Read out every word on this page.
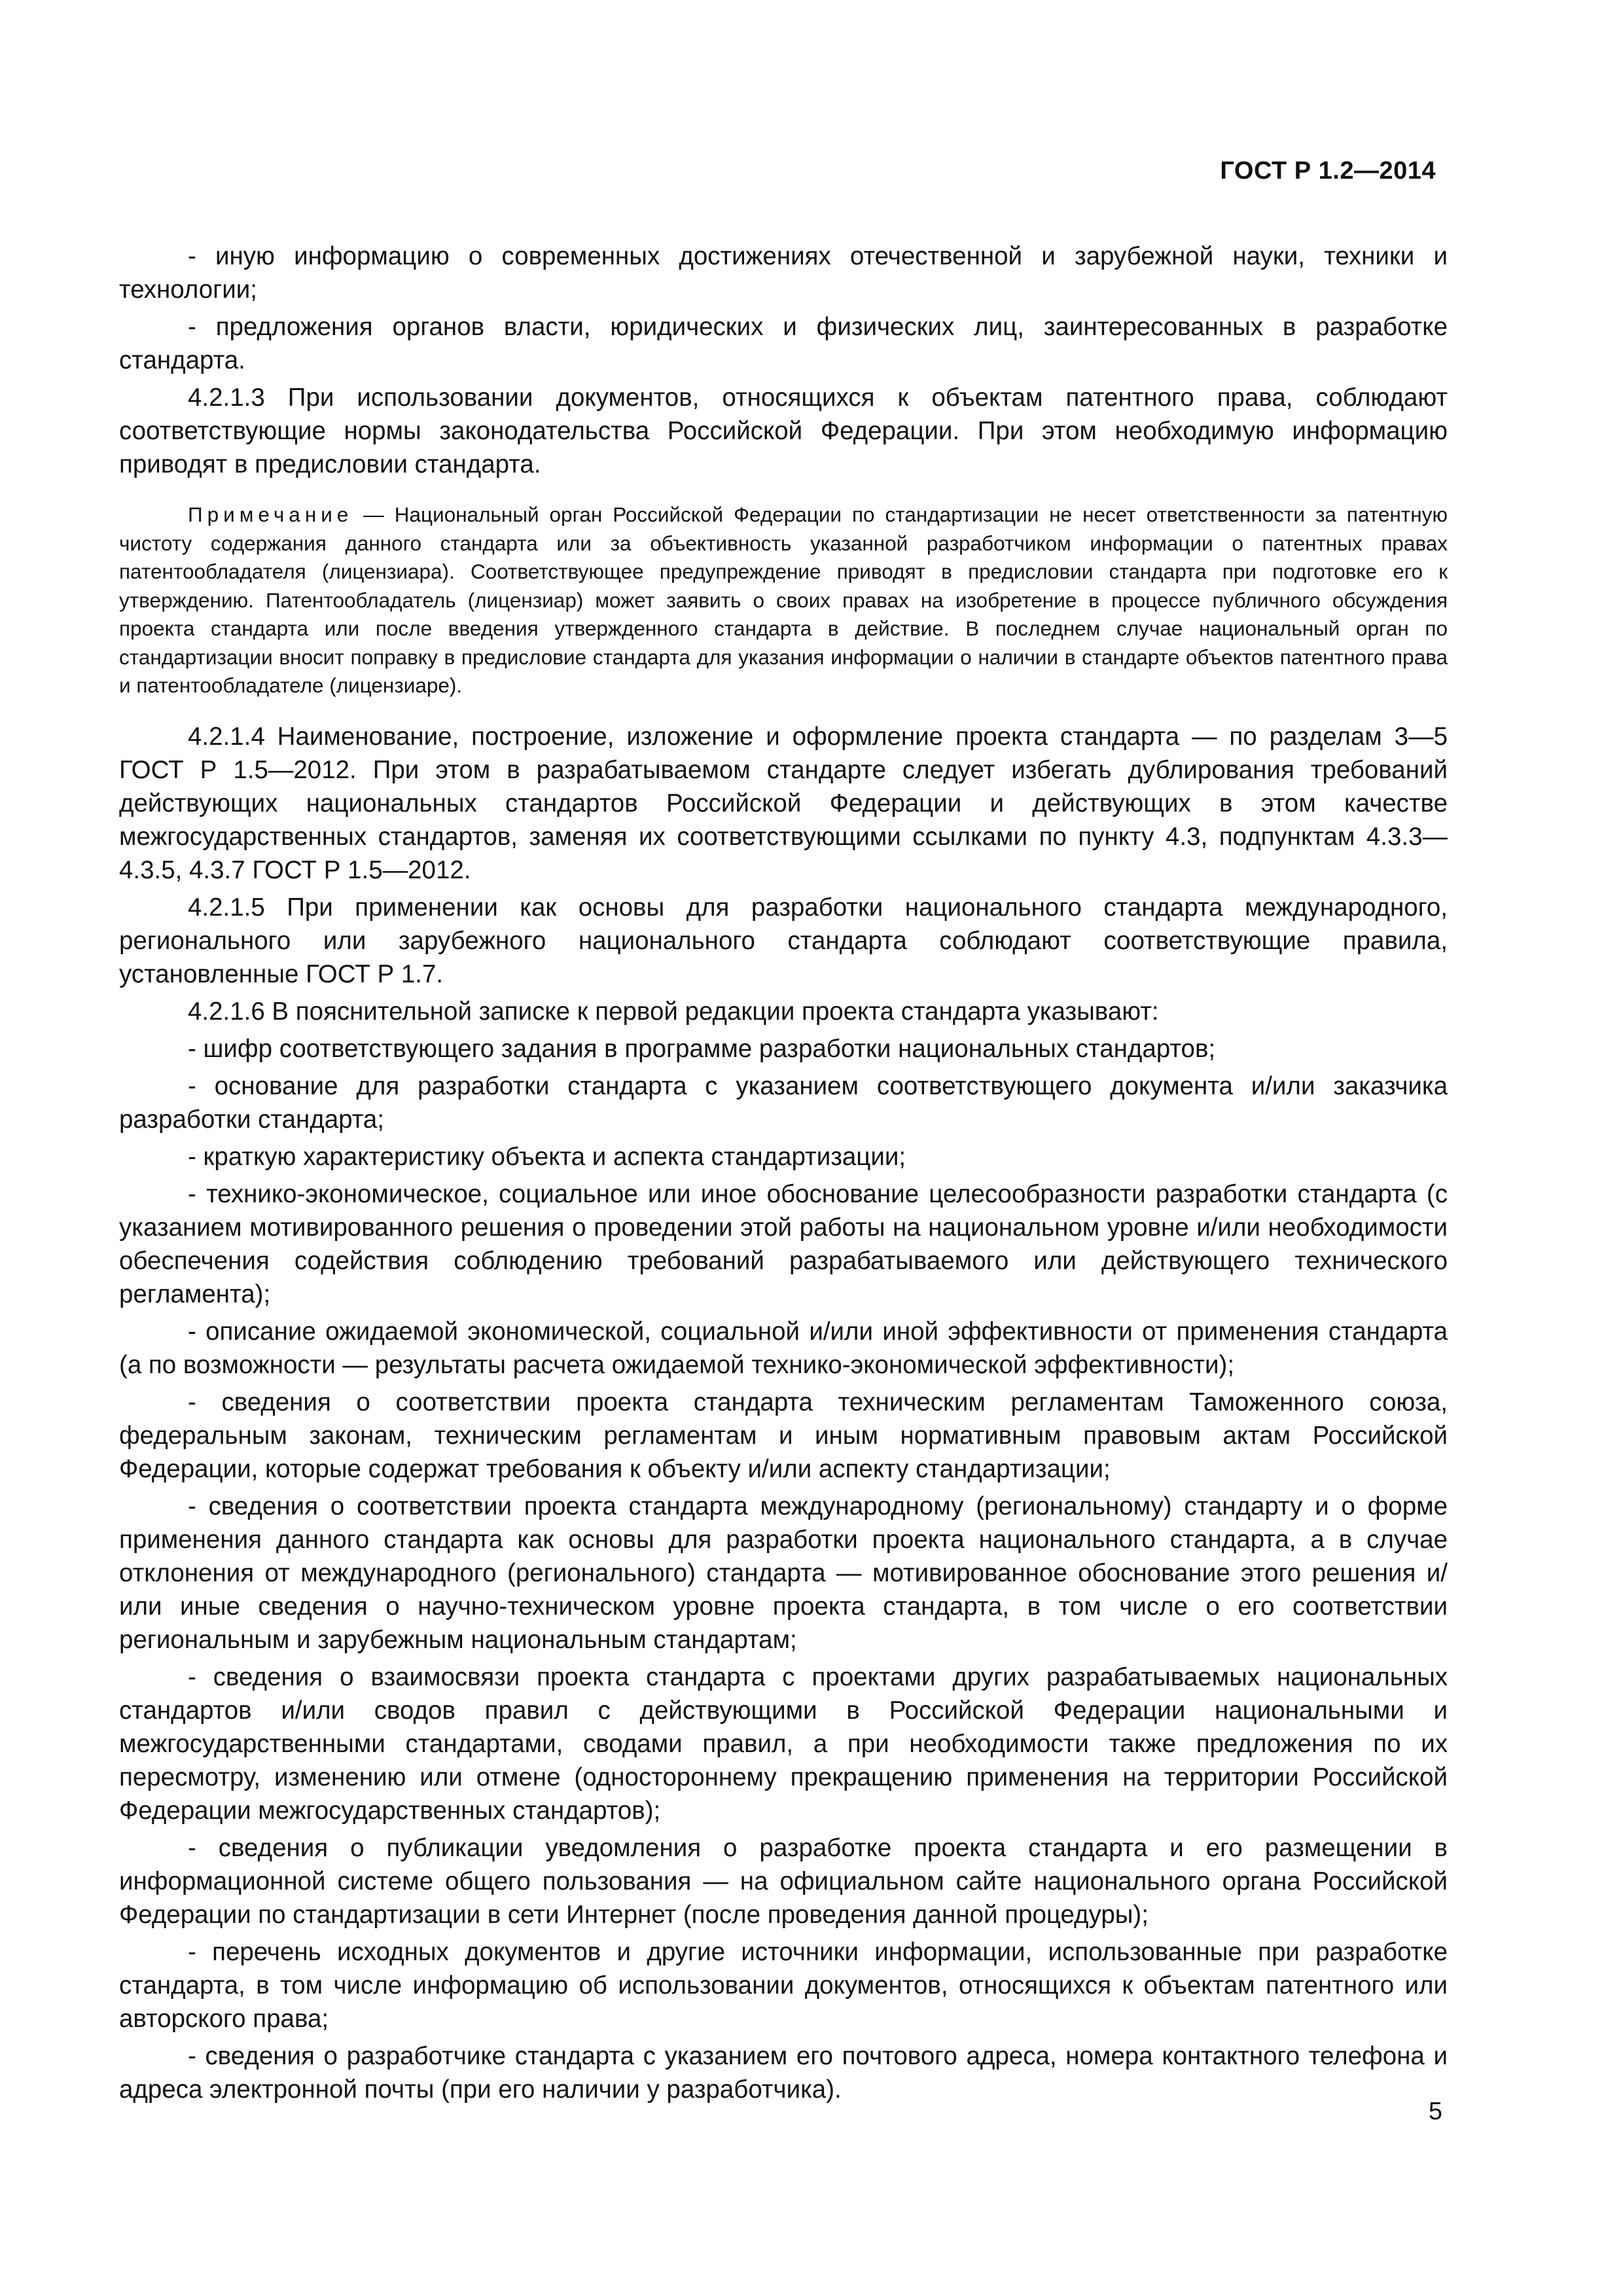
ГОСТ Р 1.2—2014

- иную информацию о современных достижениях отечественной и зарубежной науки, техники и технологии;

- предложения органов власти, юридических и физических лиц, заинтересованных в разработке стандарта.

4.2.1.3 При использовании документов, относящихся к объектам патентного права, соблюдают соответствующие нормы законодательства Российской Федерации. При этом необходимую информацию приводят в предисловии стандарта.

Примечание — Национальный орган Российской Федерации по стандартизации не несет ответственности за патентную чистоту содержания данного стандарта или за объективность указанной разработчиком информации о патентных правах патентообладателя (лицензиара). Соответствующее предупреждение приводят в предисловии стандарта при подготовке его к утверждению. Патентообладатель (лицензиар) может заявить о своих правах на изобретение в процессе публичного обсуждения проекта стандарта или после введения утвержденного стандарта в действие. В последнем случае национальный орган по стандартизации вносит поправку в предисловие стандарта для указания информации о наличии в стандарте объектов патентного права и патентообладателе (лицензиаре).

4.2.1.4 Наименование, построение, изложение и оформление проекта стандарта — по разделам 3—5 ГОСТ Р 1.5—2012. При этом в разрабатываемом стандарте следует избегать дублирования требований действующих национальных стандартов Российской Федерации и действующих в этом качестве межгосударственных стандартов, заменяя их соответствующими ссылками по пункту 4.3, подпунктам 4.3.3—4.3.5, 4.3.7 ГОСТ Р 1.5—2012.

4.2.1.5 При применении как основы для разработки национального стандарта международного, регионального или зарубежного национального стандарта соблюдают соответствующие правила, установленные ГОСТ Р 1.7.

4.2.1.6 В пояснительной записке к первой редакции проекта стандарта указывают:

- шифр соответствующего задания в программе разработки национальных стандартов;

- основание для разработки стандарта с указанием соответствующего документа и/или заказчика разработки стандарта;

- краткую характеристику объекта и аспекта стандартизации;

- технико-экономическое, социальное или иное обоснование целесообразности разработки стандарта (с указанием мотивированного решения о проведении этой работы на национальном уровне и/или необходимости обеспечения содействия соблюдению требований разрабатываемого или действующего технического регламента);

- описание ожидаемой экономической, социальной и/или иной эффективности от применения стандарта (а по возможности — результаты расчета ожидаемой технико-экономической эффективности);

- сведения о соответствии проекта стандарта техническим регламентам Таможенного союза, федеральным законам, техническим регламентам и иным нормативным правовым актам Российской Федерации, которые содержат требования к объекту и/или аспекту стандартизации;

- сведения о соответствии проекта стандарта международному (региональному) стандарту и о форме применения данного стандарта как основы для разработки проекта национального стандарта, а в случае отклонения от международного (регионального) стандарта — мотивированное обоснование этого решения и/или иные сведения о научно-техническом уровне проекта стандарта, в том числе о его соответствии региональным и зарубежным национальным стандартам;

- сведения о взаимосвязи проекта стандарта с проектами других разрабатываемых национальных стандартов и/или сводов правил с действующими в Российской Федерации национальными и межгосударственными стандартами, сводами правил, а при необходимости также предложения по их пересмотру, изменению или отмене (одностороннему прекращению применения на территории Российской Федерации межгосударственных стандартов);

- сведения о публикации уведомления о разработке проекта стандарта и его размещении в информационной системе общего пользования — на официальном сайте национального органа Российской Федерации по стандартизации в сети Интернет (после проведения данной процедуры);

- перечень исходных документов и другие источники информации, использованные при разработке стандарта, в том числе информацию об использовании документов, относящихся к объектам патентного или авторского права;

- сведения о разработчике стандарта с указанием его почтового адреса, номера контактного телефона и адреса электронной почты (при его наличии у разработчика).

5
